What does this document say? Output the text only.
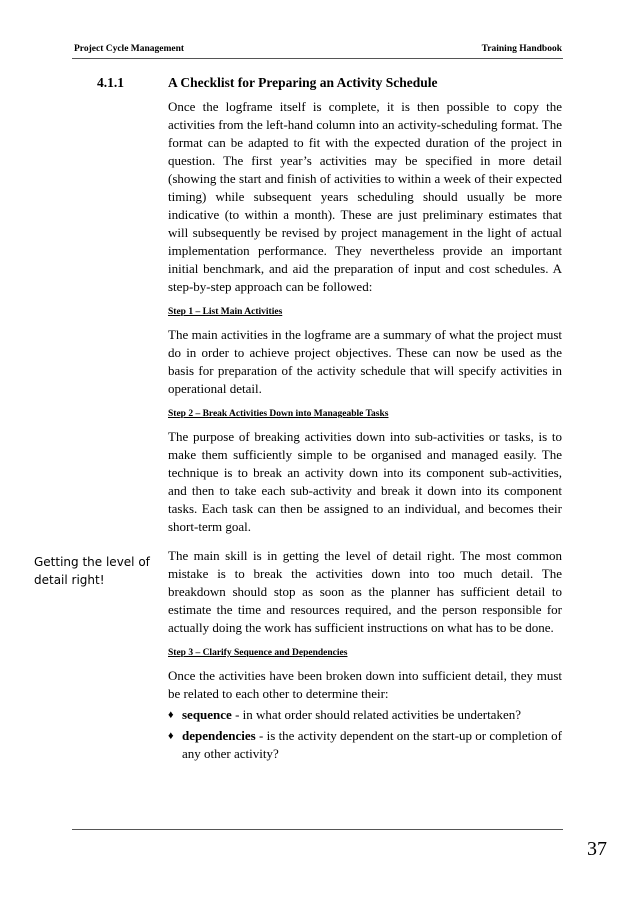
Project Cycle Management	Training Handbook
4.1.1	A Checklist for Preparing an Activity Schedule

Once the logframe itself is complete, it is then possible to copy the activities from the left-hand column into an activity-scheduling format. The format can be adapted to fit with the expected duration of the project in question. The first year’s activities may be specified in more detail (showing the start and finish of activities to within a week of their expected timing) while subsequent years scheduling should usually be more indicative (to within a month). These are just preliminary estimates that will subsequently be revised by project management in the light of actual implementation performance. They nevertheless provide an important initial benchmark, and aid the preparation of input and cost schedules. A step-by-step approach can be followed:

Step 1 – List Main Activities

The main activities in the logframe are a summary of what the project must do in order to achieve project objectives. These can now be used as the basis for preparation of the activity schedule that will specify activities in operational detail.

Step 2 – Break Activities Down into Manageable Tasks

The purpose of breaking activities down into sub-activities or tasks, is to make them sufficiently simple to be organised and managed easily. The technique is to break an activity down into its component sub-activities, and then to take each sub-activity and break it down into its component tasks. Each task can then be assigned to an individual, and becomes their short-term goal.

The main skill is in getting the level of detail right. The most common mistake is to break the activities down into too much detail. The breakdown should stop as soon as the planner has sufficient detail to estimate the time and resources required, and the person responsible for actually doing the work has sufficient instructions on what has to be done.

Step 3 – Clarify Sequence and Dependencies

Once the activities have been broken down into sufficient detail, they must be related to each other to determine their:

♦ sequence - in what order should related activities be undertaken?
♦ dependencies - is the activity dependent on the start-up or completion of any other activity?
Getting the level of detail right!
37
